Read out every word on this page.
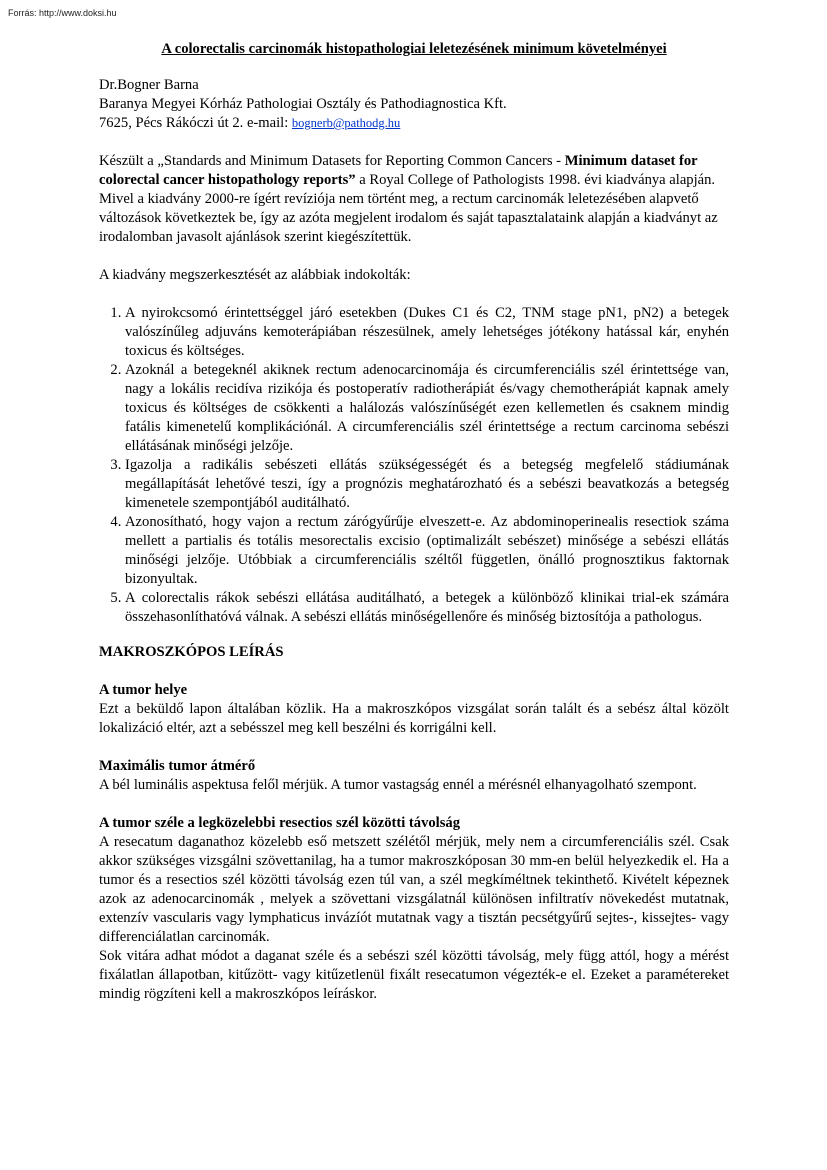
Forrás: http://www.doksi.hu

A colorectalis carcinomák histopathologiai leletezésének minimum követelményei

Dr.Bogner Barna

Baranya Megyei Kórház Pathologiai Osztály és Pathodiagnostica Kft.

7625, Pécs Rákóczi út 2. e-mail: bognerb@pathodg.hu

Készült a „Standards and Minimum Datasets for Reporting Common Cancers - Minimum dataset for colorectal cancer histopathology reports” a Royal College of Pathologists 1998. évi kiadványa alapján. Mivel a kiadvány 2000-re ígért revíziója nem történt meg, a rectum carcinomák leletezésében alapvető változások következtek be, így az azóta megjelent irodalom és saját tapasztalataink alapján a kiadványt az irodalomban javasolt ajánlások szerint kiegészítettük.

A kiadvány megszerkesztését az alábbiak indokolták:

1. A nyirokcsomó érintettséggel járó esetekben (Dukes C1 és C2, TNM stage pN1, pN2) a betegek valószínűleg adjuváns kemoterápiában részesülnek, amely lehetséges jótékony hatással kár, enyhén toxicus és költséges.
2. Azoknál a betegeknél akiknek rectum adenocarcinomája és circumferenciális szél érintettsége van, nagy a lokális recidíva rizikója és postoperatív radiotherápiát és/vagy chemotherápiát kapnak amely toxicus és költséges de csökkenti a halálozás valószínűségét ezen kellemetlen és csaknem mindig fatális kimenetelű komplikációnál. A circumferenciális szél érintettsége a rectum carcinoma sebészi ellátásának minőségi jelzője.
3. Igazolja a radikális sebészeti ellátás szükségességét és a betegség megfelelő stádiumának megállapítását lehetővé teszi, így a prognózis meghatározható és a sebészi beavatkozás a betegség kimenetele szempontjából auditálható.
4. Azonosítható, hogy vajon a rectum zárógyűrűje elveszett-e. Az abdominoperinealis resectiok száma mellett a partialis és totális mesorectalis excisio (optimalizált sebészet) minősége a sebészi ellátás minőségi jelzője. Utóbbiak a circumferenciális széltől független, önálló prognosztikus faktornak bizonyultak.
5. A colorectalis rákok sebészi ellátása auditálható, a betegek a különböző klinikai trial-ek számára összehasonlíthatóvá válnak. A sebészi ellátás minőségellenőre és minőség biztosítója a pathologus.

MAKROSZKÓPOS LEÍRÁS

A tumor helye

Ezt a beküldő lapon általában közlik. Ha a makroszkópos vizsgálat során talált és a sebész által közölt lokalizáció eltér, azt a sebésszel meg kell beszélni és korrigálni kell.

Maximális tumor átmérő

A bél luminális aspektusa felől mérjük. A tumor vastagság ennél a mérésnél elhanyagolható szempont.

A tumor széle a legközelebbi resectios szél közötti távolság

A resecatum daganathoz közelebb eső metszett szélétől mérjük, mely nem a circumferenciális szél. Csak akkor szükséges vizsgálni szövettanilag, ha a tumor makroszkóposan 30 mm-en belül helyezkedik el. Ha a tumor és a resectios szél közötti távolság ezen túl van, a szél megkíméltnek tekinthető. Kivételt képeznek azok az adenocarcinomák , melyek a szövettani vizsgálatnál különösen infiltratív növekedést mutatnak, extenzív vascularis vagy lymphaticus invázíót mutatnak vagy a tisztán pecsétgyűrű sejtes-, kissejtes- vagy differenciálatlan carcinomák.

Sok vitára adhat módot a daganat széle és a sebészi szél közötti távolság, mely függ attól, hogy a mérést fixálatlan állapotban, kitűzött- vagy kitűzetlenül fixált resecatumon végezték-e el. Ezeket a paramétereket mindig rögzíteni kell a makroszkópos leíráskor.
